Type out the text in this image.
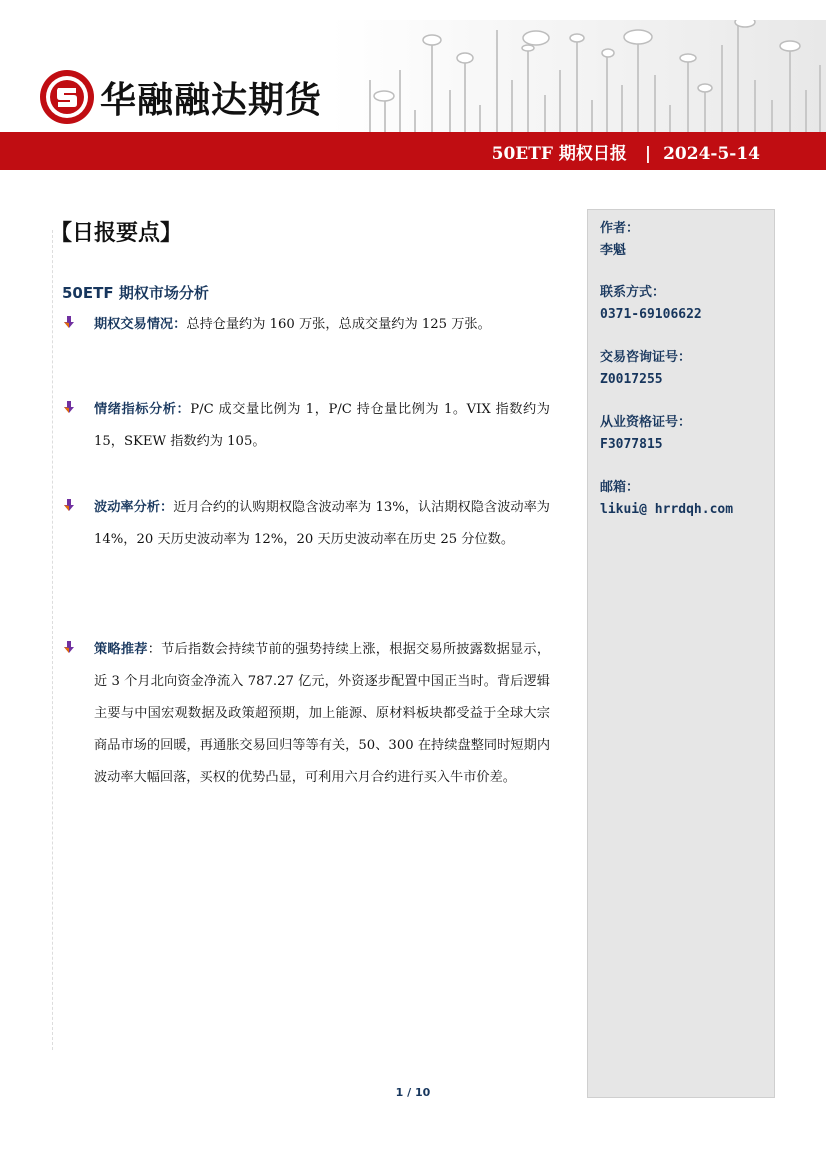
华融融达期货
50ETF 期权日报 | 2024-5-14
【日报要点】
50ETF 期权市场分析
期权交易情况：总持仓量约为 160 万张，总成交量约为 125 万张。
情绪指标分析：P/C 成交量比例为 1，P/C 持仓量比例为 1。VIX 指数约为 15，SKEW 指数约为 105。
波动率分析：近月合约的认购期权隐含波动率为 13%，认沽期权隐含波动率为 14%，20 天历史波动率为 12%，20 天历史波动率在历史 25 分位数。
策略推荐：节后指数会持续节前的强势持续上涨，根据交易所披露数据显示，近 3 个月北向资金净流入 787.27 亿元，外资逐步配置中国正当时。背后逻辑主要与中国宏观数据及政策超预期，加上能源、原材料板块都受益于全球大宗商品市场的回暖，再通胀交易回归等等有关，50、300 在持续盘整同时短期内波动率大幅回落，买权的优势凸显，可利用六月合约进行买入牛市价差。
作者：
李魁
联系方式：
0371-69106622
交易咨询证号：
Z0017255
从业资格证号：
F3077815
邮箱：
likui@ hrrdqh.com
1 / 10
